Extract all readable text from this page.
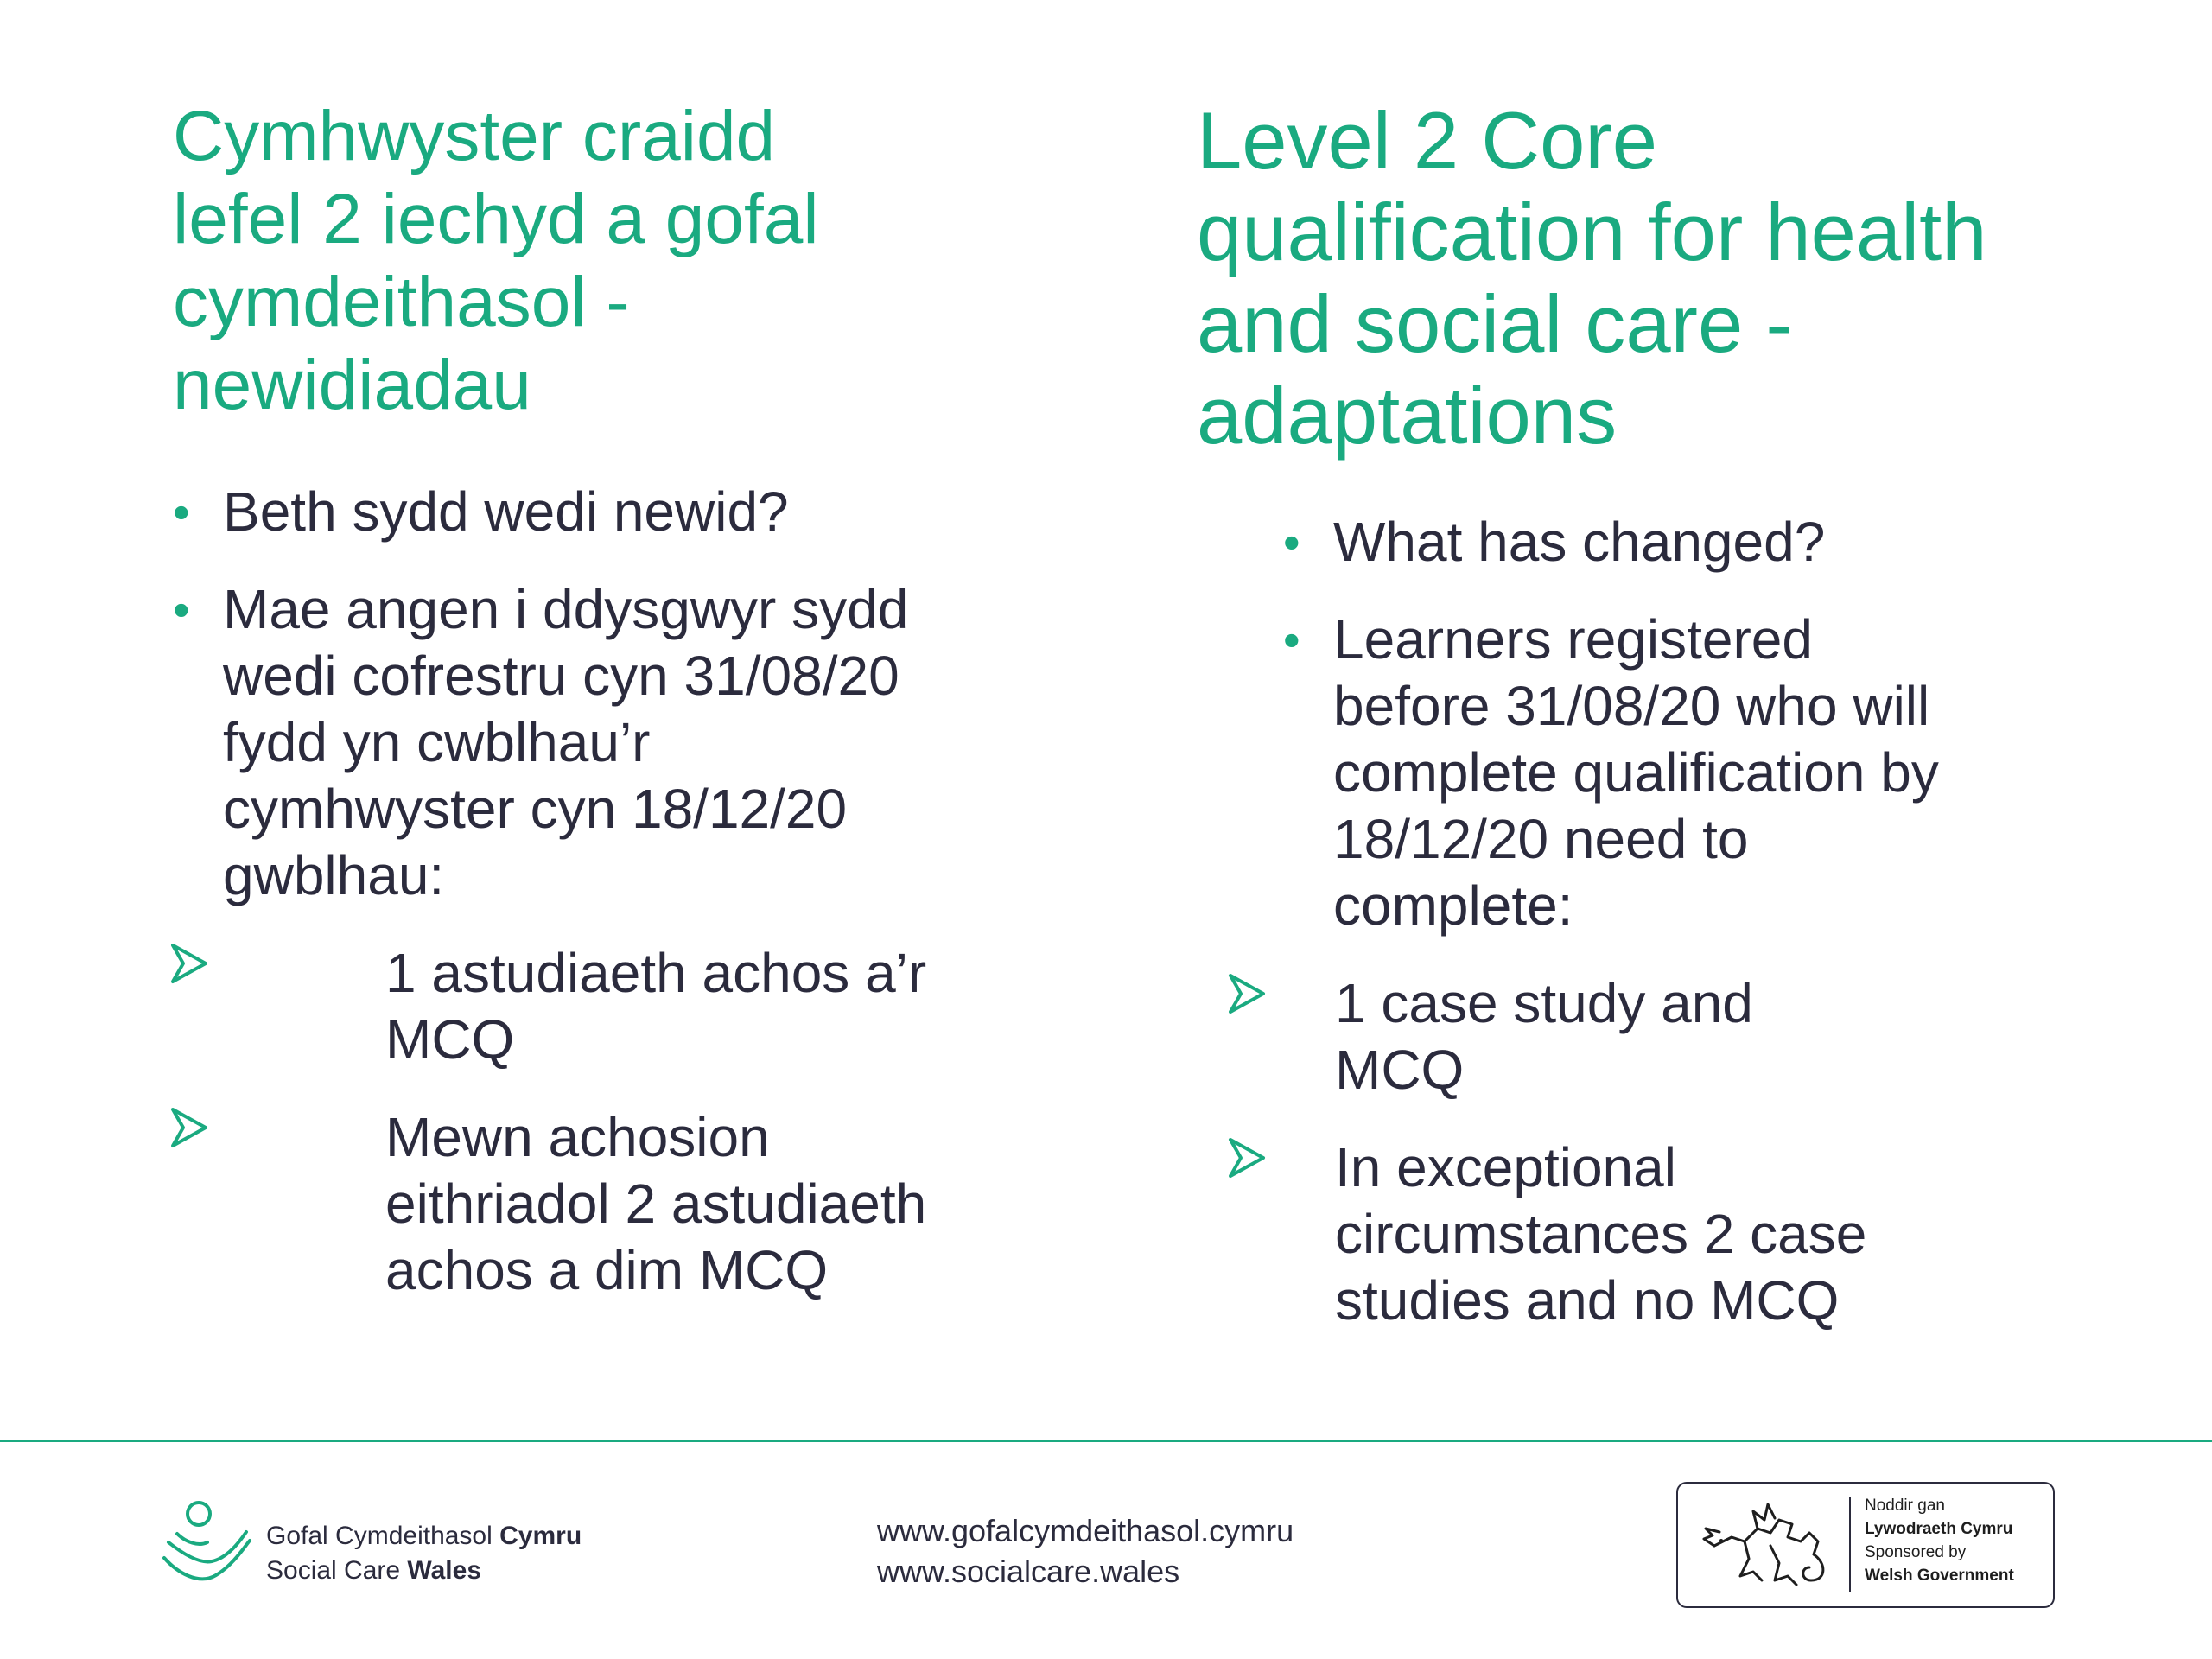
Cymhwyster craidd
lefel 2 iechyd a gofal
cymdeithasol -
newidiadau
• Beth sydd wedi newid?
• Mae angen i ddysgwyr sydd
wedi cofrestru cyn 31/08/20
fydd yn cwblhau’r
cymhwyster cyn 18/12/20
gwblhau:
1 astudiaeth achos a’r
MCQ
Mewn achosion
eithriadol 2 astudiaeth
achos a dim MCQ
Level 2 Core
qualification for health
and social care -
adaptations
• What has changed?
• Learners registered
before 31/08/20 who will
complete qualification by
18/12/20 need to
complete:
1 case study and
MCQ
In exceptional
circumstances 2 case
studies and no MCQ
Gofal Cymdeithasol Cymru
Social Care Wales
www.gofalcymdeithasol.cymru
www.socialcare.wales
Noddir gan
Lywodraeth Cymru
Sponsored by
Welsh Government
